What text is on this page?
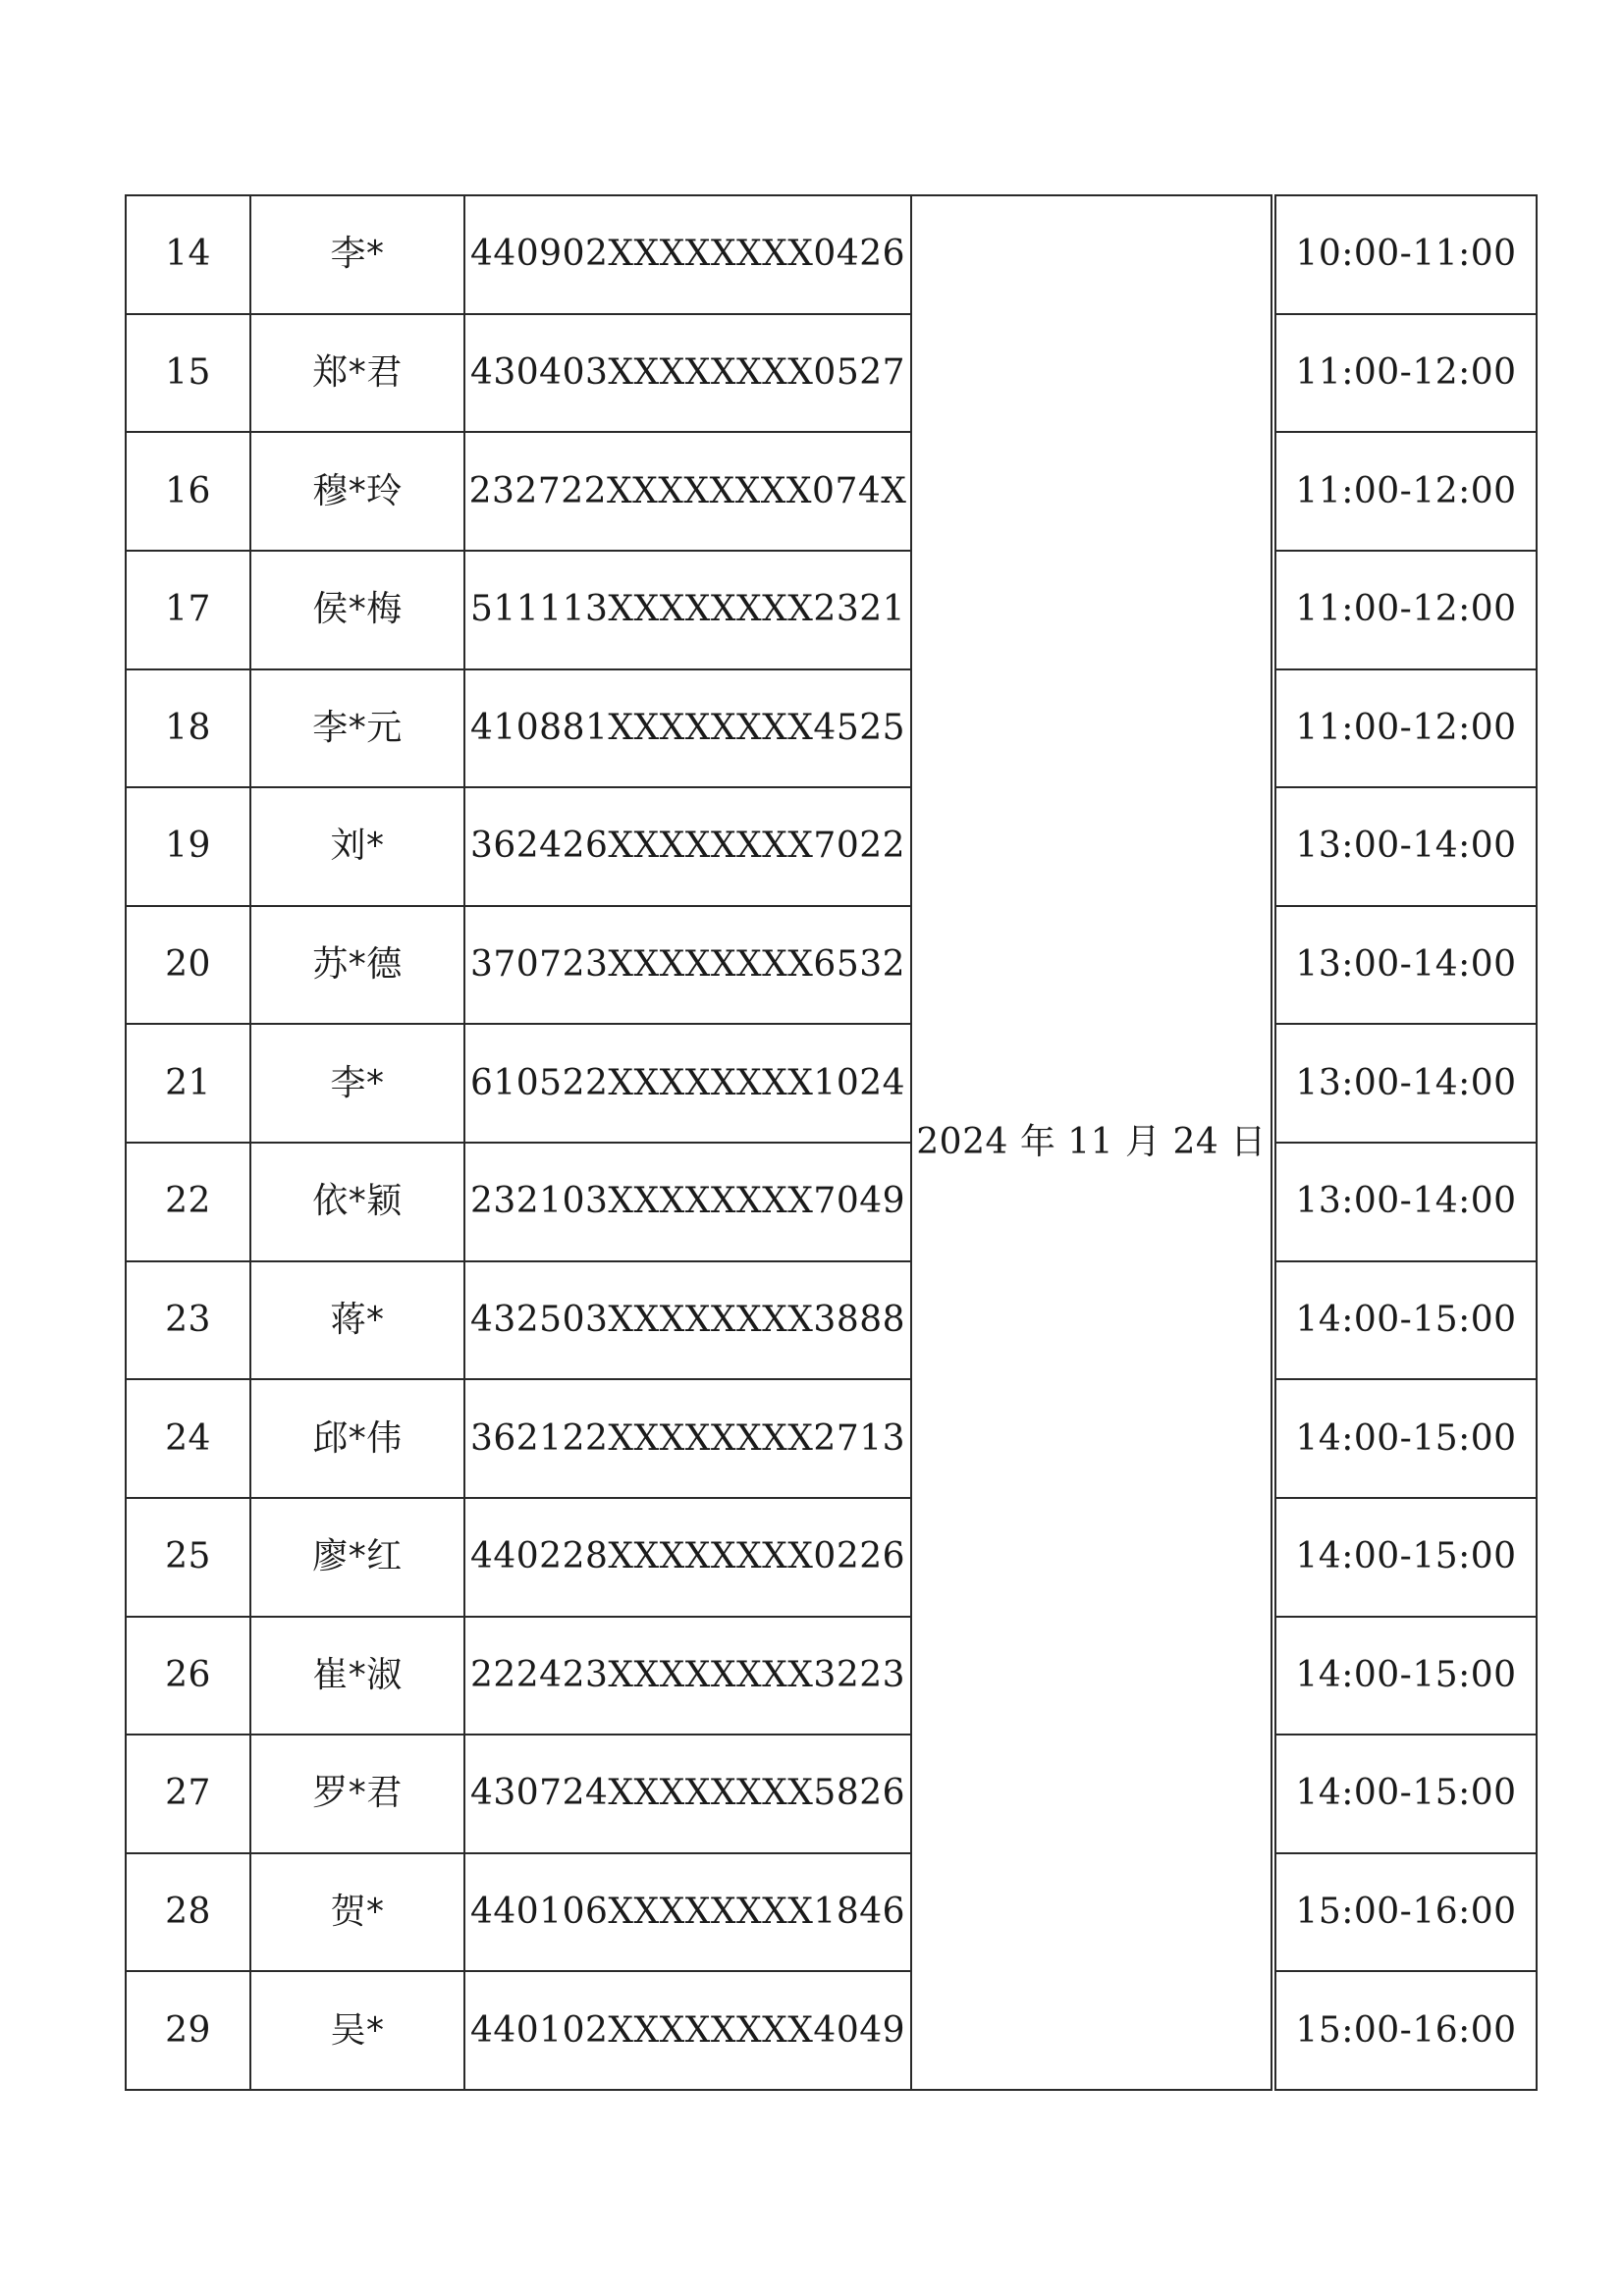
14	李*	440902XXXXXXXX0426	2024 年 11 月 24 日		10:00-11:00
15	郑*君	430403XXXXXXXX0527			11:00-12:00
16	穆*玲	232722XXXXXXXX074X			11:00-12:00
17	侯*梅	511113XXXXXXXX2321			11:00-12:00
18	李*元	410881XXXXXXXX4525			11:00-12:00
19	刘*	362426XXXXXXXX7022			13:00-14:00
20	苏*德	370723XXXXXXXX6532			13:00-14:00
21	李*	610522XXXXXXXX1024			13:00-14:00
22	依*颖	232103XXXXXXXX7049			13:00-14:00
23	蒋*	432503XXXXXXXX3888			14:00-15:00
24	邱*伟	362122XXXXXXXX2713			14:00-15:00
25	廖*红	440228XXXXXXXX0226			14:00-15:00
26	崔*淑	222423XXXXXXXX3223			14:00-15:00
27	罗*君	430724XXXXXXXX5826			14:00-15:00
28	贺*	440106XXXXXXXX1846			15:00-16:00
29	吴*	440102XXXXXXXX4049			15:00-16:00
